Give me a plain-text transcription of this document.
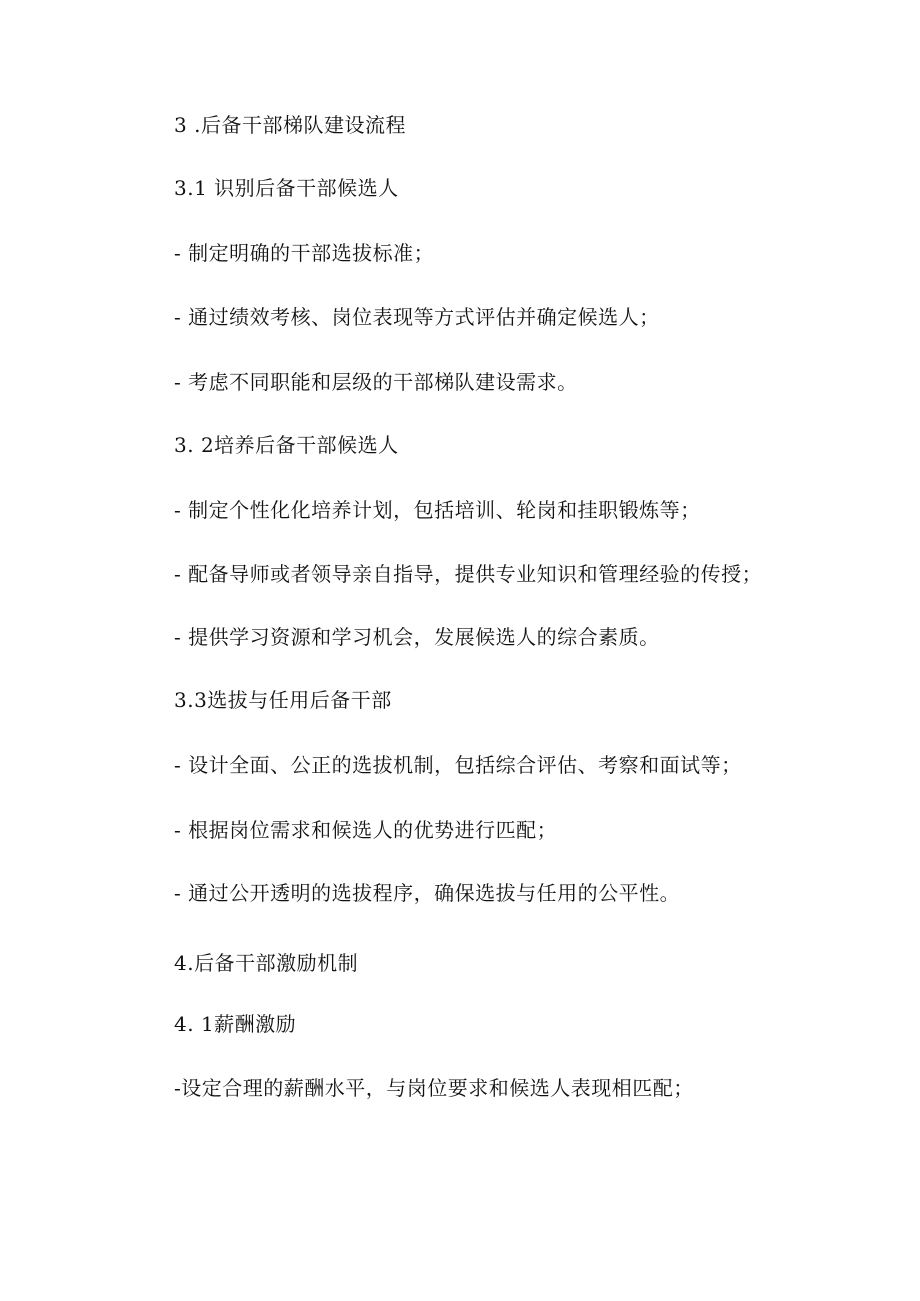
3 .后备干部梯队建设流程
3.1 识别后备干部候选人
- 制定明确的干部选拔标准；
- 通过绩效考核、岗位表现等方式评估并确定候选人；
- 考虑不同职能和层级的干部梯队建设需求。
3. 2培养后备干部候选人
- 制定个性化化培养计划，包括培训、轮岗和挂职锻炼等；
- 配备导师或者领导亲自指导，提供专业知识和管理经验的传授；
- 提供学习资源和学习机会，发展候选人的综合素质。
3.3选拔与任用后备干部
- 设计全面、公正的选拔机制，包括综合评估、考察和面试等；
- 根据岗位需求和候选人的优势进行匹配；
- 通过公开透明的选拔程序，确保选拔与任用的公平性。
4.后备干部激励机制
4. 1薪酬激励
-设定合理的薪酬水平，与岗位要求和候选人表现相匹配；
